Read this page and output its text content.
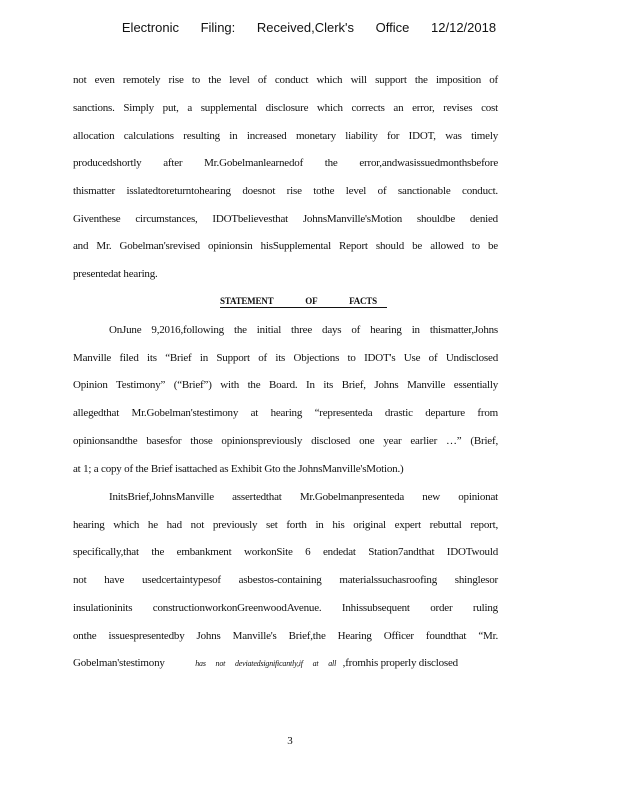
Electronic Filing: Received,Clerk's Office 12/12/2018
not even remotely rise to the level of conduct which will support the imposition of
sanctions. Simply put, a supplemental disclosure which corrects an error, revises cost
allocation calculations resulting in increased monetary liability for IDOT, was timely
producedshortly after Mr.Gobelmanlearnedof the error,andwasissuedmonthsbefore
thismatter isslatedtoreturntohearing doesnot rise tothe level of sanctionable conduct.
Giventhese circumstances, IDOTbelievesthat JohnsManville'sMotion shouldbe denied
and Mr. Gobelman'srevised opinionsin hisSupplemental Report should be allowed to be
presentedat hearing.
STATEMENT OF FACTS
OnJune 9,2016,following the initial three days of hearing in thismatter,Johns
Manville filed its “Brief in Support of its Objections to IDOT's Use of Undisclosed
Opinion Testimony” (“Brief”) with the Board. In its Brief, Johns Manville essentially
allegedthat Mr.Gobelman'stestimony at hearing “representeda drastic departure from
opinionsandthe basesfor those opinionspreviously disclosed one year earlier …” (Brief,
at 1; a copy of the Brief isattached as Exhibit Gto the JohnsManville'sMotion.)
InitsBrief,JohnsManville assertedthat Mr.Gobelmanpresenteda new opinionat
hearing which he had not previously set forth in his original expert rebuttal report,
specifically,that the embankment workonSite 6 endedat Station7andthat IDOTwould
not have usedcertaintypesof asbestos-containing materialssuchasroofing shinglesor
insulationinits constructionworkonGreenwoodAvenue. Inhissubsequent order ruling
onthe issuespresentedby Johns Manville's Brief,the Hearing Officer foundthat “Mr.
Gobelman'stestimony	has not deviatedsignificantly,if at all ,fromhis properly disclosed
3
